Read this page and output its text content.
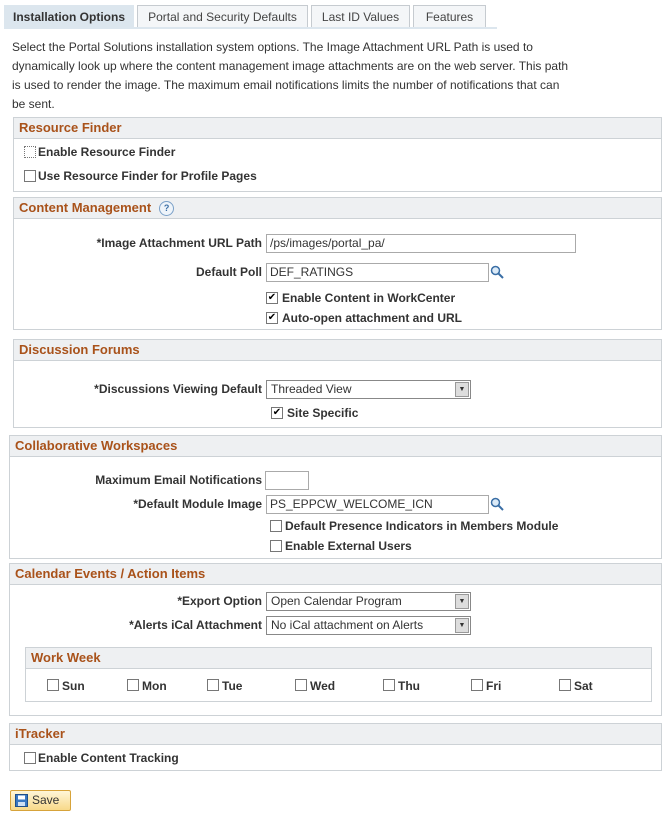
Installation Options	Portal and Security Defaults	Last ID Values	Features
Select the Portal Solutions installation system options. The Image Attachment URL Path is used to dynamically look up where the content management image attachments are on the web server. This path is used to render the image. The maximum email notifications limits the number of notifications that can be sent.
Resource Finder
Enable Resource Finder
Use Resource Finder for Profile Pages
Content Management ?
*Image Attachment URL Path /ps/images/portal_pa/
Default Poll DEF_RATINGS
✔ Enable Content in WorkCenter
✔ Auto-open attachment and URL
Discussion Forums
*Discussions Viewing Default Threaded View	▼
✔ Site Specific
Collaborative Workspaces
Maximum Email Notifications
*Default Module Image PS_EPPCW_WELCOME_ICN
Default Presence Indicators in Members Module
Enable External Users
Calendar Events / Action Items
*Export Option Open Calendar Program	▼
*Alerts iCal Attachment No iCal attachment on Alerts	▼
Work Week
Sun	Mon	Tue	Wed	Thu	Fri	Sat
iTracker
Enable Content Tracking
Save
